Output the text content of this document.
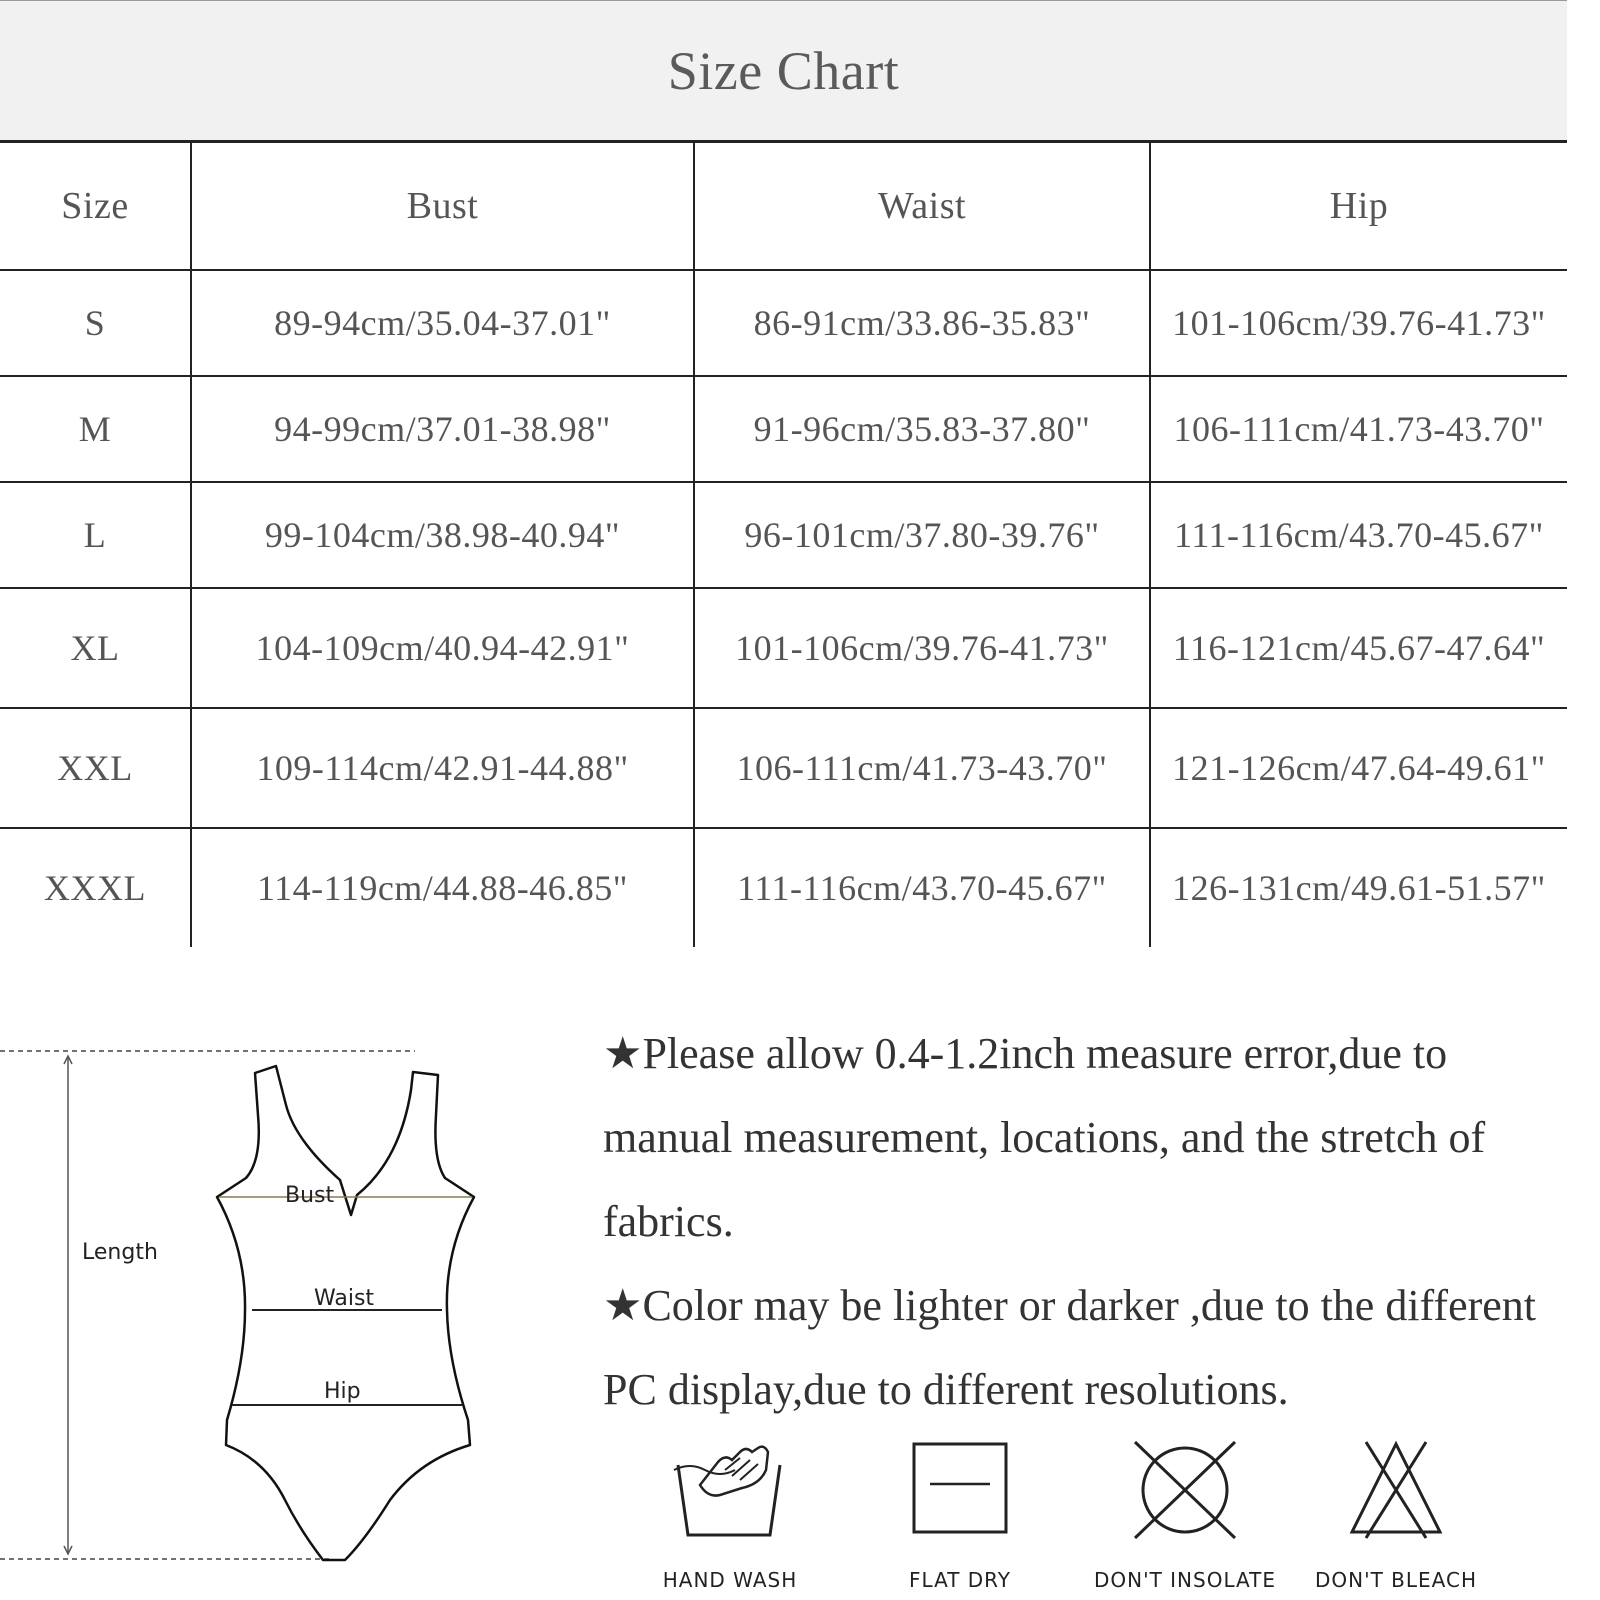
Size Chart
Size	Bust	Waist	Hip
S	89-94cm/35.04-37.01"	86-91cm/33.86-35.83"	101-106cm/39.76-41.73"
M	94-99cm/37.01-38.98"	91-96cm/35.83-37.80"	106-111cm/41.73-43.70"
L	99-104cm/38.98-40.94"	96-101cm/37.80-39.76"	111-116cm/43.70-45.67"
XL	104-109cm/40.94-42.91"	101-106cm/39.76-41.73"	116-121cm/45.67-47.64"
XXL	109-114cm/42.91-44.88"	106-111cm/41.73-43.70"	121-126cm/47.64-49.61"
XXXL	114-119cm/44.88-46.85"	111-116cm/43.70-45.67"	126-131cm/49.61-51.57"
Length
Bust
Waist
Hip

★Please allow 0.4-1.2inch measure error,due to manual measurement, locations, and the stretch of fabrics.

★Color may be lighter or darker ,due to the different PC display,due to different resolutions.

HAND WASH	FLAT DRY	DON'T INSOLATE	DON'T BLEACH
